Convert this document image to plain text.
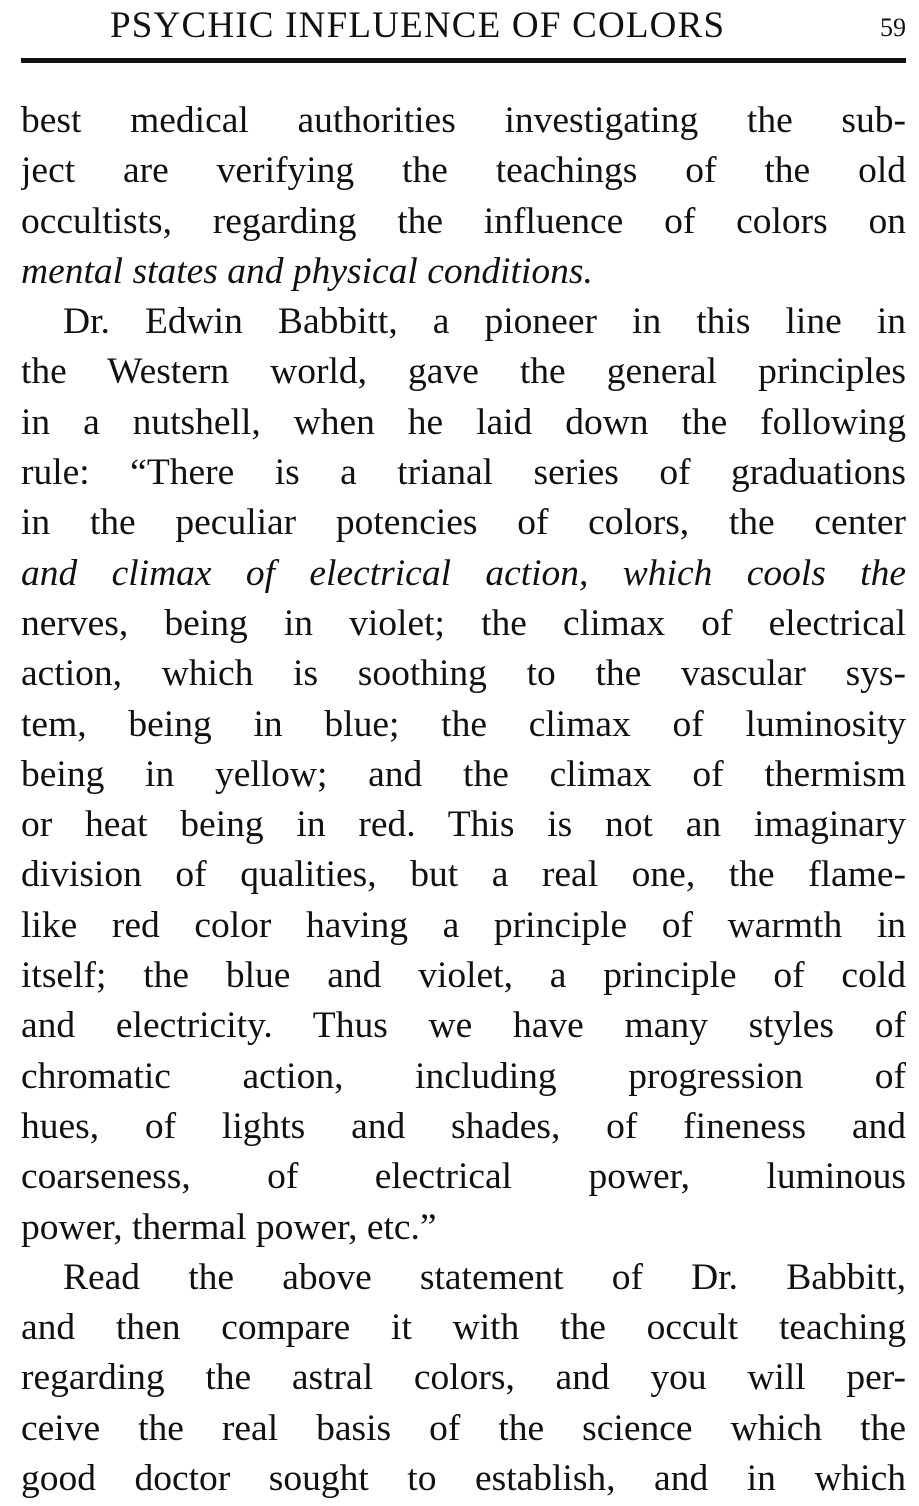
PSYCHIC INFLUENCE OF COLORS	59
best medical authorities investigating the sub-
ject are verifying the teachings of the old
occultists, regarding the influence of colors on
mental states and physical conditions.
Dr. Edwin Babbitt, a pioneer in this line in
the Western world, gave the general principles
in a nutshell, when he laid down the following
rule: “There is a trianal series of graduations
in the peculiar potencies of colors, the center
and climax of electrical action, which cools the
nerves, being in violet; the climax of electrical
action, which is soothing to the vascular sys-
tem, being in blue; the climax of luminosity
being in yellow; and the climax of thermism
or heat being in red. This is not an imaginary
division of qualities, but a real one, the flame-
like red color having a principle of warmth in
itself; the blue and violet, a principle of cold
and electricity. Thus we have many styles of
chromatic action, including progression of
hues, of lights and shades, of fineness and
coarseness, of electrical power, luminous
power, thermal power, etc.”
Read the above statement of Dr. Babbitt,
and then compare it with the occult teaching
regarding the astral colors, and you will per-
ceive the real basis of the science which the
good doctor sought to establish, and in which
